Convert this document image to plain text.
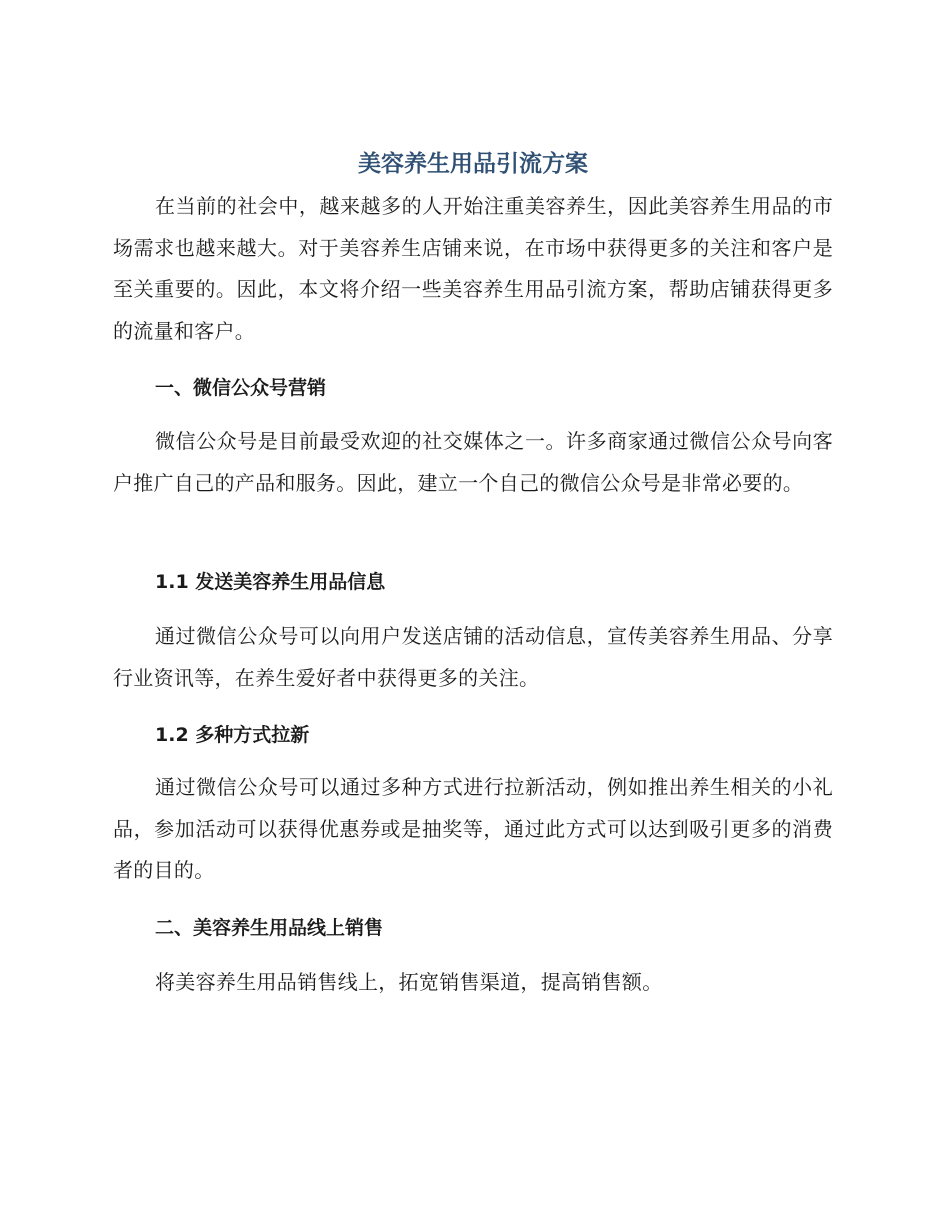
美容养生用品引流方案

在当前的社会中，越来越多的人开始注重美容养生，因此美容养生用品的市场需求也越来越大。对于美容养生店铺来说，在市场中获得更多的关注和客户是至关重要的。因此，本文将介绍一些美容养生用品引流方案，帮助店铺获得更多的流量和客户。

一、微信公众号营销

微信公众号是目前最受欢迎的社交媒体之一。许多商家通过微信公众号向客户推广自己的产品和服务。因此，建立一个自己的微信公众号是非常必要的。

1.1 发送美容养生用品信息

通过微信公众号可以向用户发送店铺的活动信息，宣传美容养生用品、分享行业资讯等，在养生爱好者中获得更多的关注。

1.2 多种方式拉新

通过微信公众号可以通过多种方式进行拉新活动，例如推出养生相关的小礼品，参加活动可以获得优惠券或是抽奖等，通过此方式可以达到吸引更多的消费者的目的。

二、美容养生用品线上销售

将美容养生用品销售线上，拓宽销售渠道，提高销售额。
